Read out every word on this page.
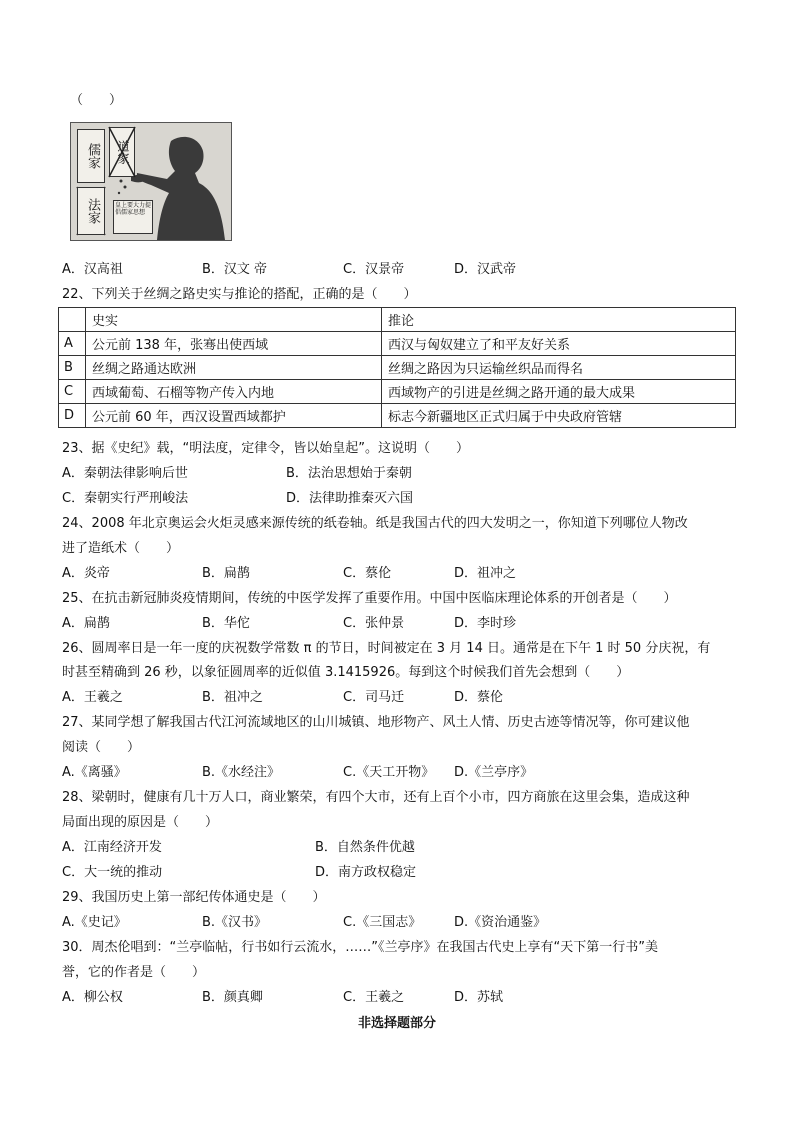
（　　）
儒家	道家
法家	皇上要大力提倡儒家思想
A．汉高祖	B．汉文 帝	C．汉景帝	D．汉武帝
22、下列关于丝绸之路史实与推论的搭配，正确的是（　　）
	史实	推论
A	公元前 138 年，张骞出使西域	西汉与匈奴建立了和平友好关系
B	丝绸之路通达欧洲	丝绸之路因为只运输丝织品而得名
C	西域葡萄、石榴等物产传入内地	西域物产的引进是丝绸之路开通的最大成果
D	公元前 60 年，西汉设置西域都护	标志今新疆地区正式归属于中央政府管辖
23、据《史纪》载，“明法度，定律令，皆以始皇起”。这说明（　　）
A．秦朝法律影响后世	B．法治思想始于秦朝
C．秦朝实行严刑峻法	D．法律助推秦灭六国
24、2008 年北京奥运会火炬灵感来源传统的纸卷轴。纸是我国古代的四大发明之一，你知道下列哪位人物改
进了造纸术（　　）
A．炎帝	B．扁鹊	C．蔡伦	D．祖冲之
25、在抗击新冠肺炎疫情期间，传统的中医学发挥了重要作用。中国中医临床理论体系的开创者是（　　）
A．扁鹊	B．华佗	C．张仲景	D．李时珍
26、圆周率日是一年一度的庆祝数学常数 π 的节日，时间被定在 3 月 14 日。通常是在下午 1 时 50 分庆祝，有
时甚至精确到 26 秒，以象征圆周率的近似值 3.1415926。每到这个时候我们首先会想到（　　）
A．王羲之	B．祖冲之	C．司马迁	D．蔡伦
27、某同学想了解我国古代江河流域地区的山川城镇、地形物产、风土人情、历史古迹等情况等，你可建议他
阅读（　　）
A.《离骚》	B.《水经注》	C.《天工开物》 D.《兰亭序》
28、梁朝时，健康有几十万人口，商业繁荣，有四个大市，还有上百个小市，四方商旅在这里会集，造成这种
局面出现的原因是（　　）
A．江南经济开发	B．自然条件优越
C．大一统的推动	D．南方政权稳定
29、我国历史上第一部纪传体通史是（　　）
A.《史记》	B.《汉书》	C.《三国志》	D.《资治通鉴》
30．周杰伦唱到：“兰亭临帖，行书如行云流水，……”《兰亭序》在我国古代史上享有“天下第一行书”美
誉，它的作者是（　　）
A．柳公权	B．颜真卿	C．王羲之	D．苏轼
非选择题部分
